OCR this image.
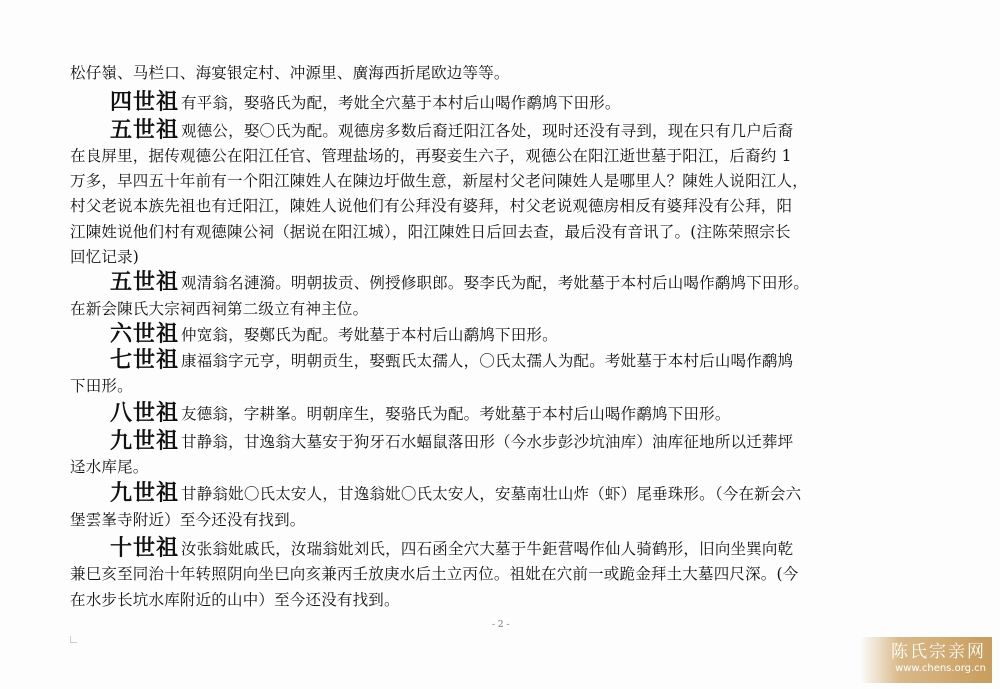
松仔嶺、马栏口、海宴银定村、冲源里、廣海西折尾欧边等等。
四世祖 有平翁，娶骆氏为配，考妣全穴墓于本村后山喝作鹬鸠下田形。
五世祖 观德公，娶〇氏为配。观德房多数后裔迁阳江各处，现时还没有寻到，现在只有几户后裔
在良屏里，据传观德公在阳江任官、管理盐场的，再娶妾生六子，观德公在阳江逝世墓于阳江，后裔约 1
万多，早四五十年前有一个阳江陳姓人在陳边圩做生意，新屋村父老问陳姓人是哪里人？陳姓人说阳江人，
村父老说本族先祖也有迁阳江，陳姓人说他们有公拜没有婆拜，村父老说观德房相反有婆拜没有公拜，阳
江陳姓说他们村有观德陳公祠（据说在阳江城），阳江陳姓日后回去查，最后没有音讯了。(注陈荣照宗长
回忆记录)
五世祖 观清翁名漣漪。明朝拔贡、例授修职郎。娶李氏为配，考妣墓于本村后山喝作鹬鸠下田形。
在新会陳氏大宗祠西祠第二级立有神主位。
六世祖 仲宽翁，娶鄭氏为配。考妣墓于本村后山鹬鸠下田形。
七世祖 康福翁字元亨，明朝贡生，娶甄氏太孺人，〇氏太孺人为配。考妣墓于本村后山喝作鹬鸠
下田形。
八世祖 友德翁，字耕峯。明朝庠生，娶骆氏为配。考妣墓于本村后山喝作鹬鸠下田形。
九世祖 甘静翁，甘逸翁大墓安于狗牙石水蝠鼠落田形（今水步彭沙坑油库）油库征地所以迁葬坪
迳水库尾。
九世祖 甘静翁妣〇氏太安人，甘逸翁妣〇氏太安人，安墓南壮山炸（虾）尾垂珠形。（今在新会六
堡雲峯寺附近）至今还没有找到。
十世祖 汝张翁妣戚氏，汝瑞翁妣刘氏，四石函全穴大墓于牛鉅营喝作仙人骑鹤形，旧向坐巽向乾
兼巳亥至同治十年转照阴向坐巳向亥兼丙壬放庚水后土立丙位。祖妣在穴前一或跪金拜土大墓四尺深。(今
在水步长坑水库附近的山中）至今还没有找到。
- 2 -
陈氏宗亲网
www.chens.org.cn
